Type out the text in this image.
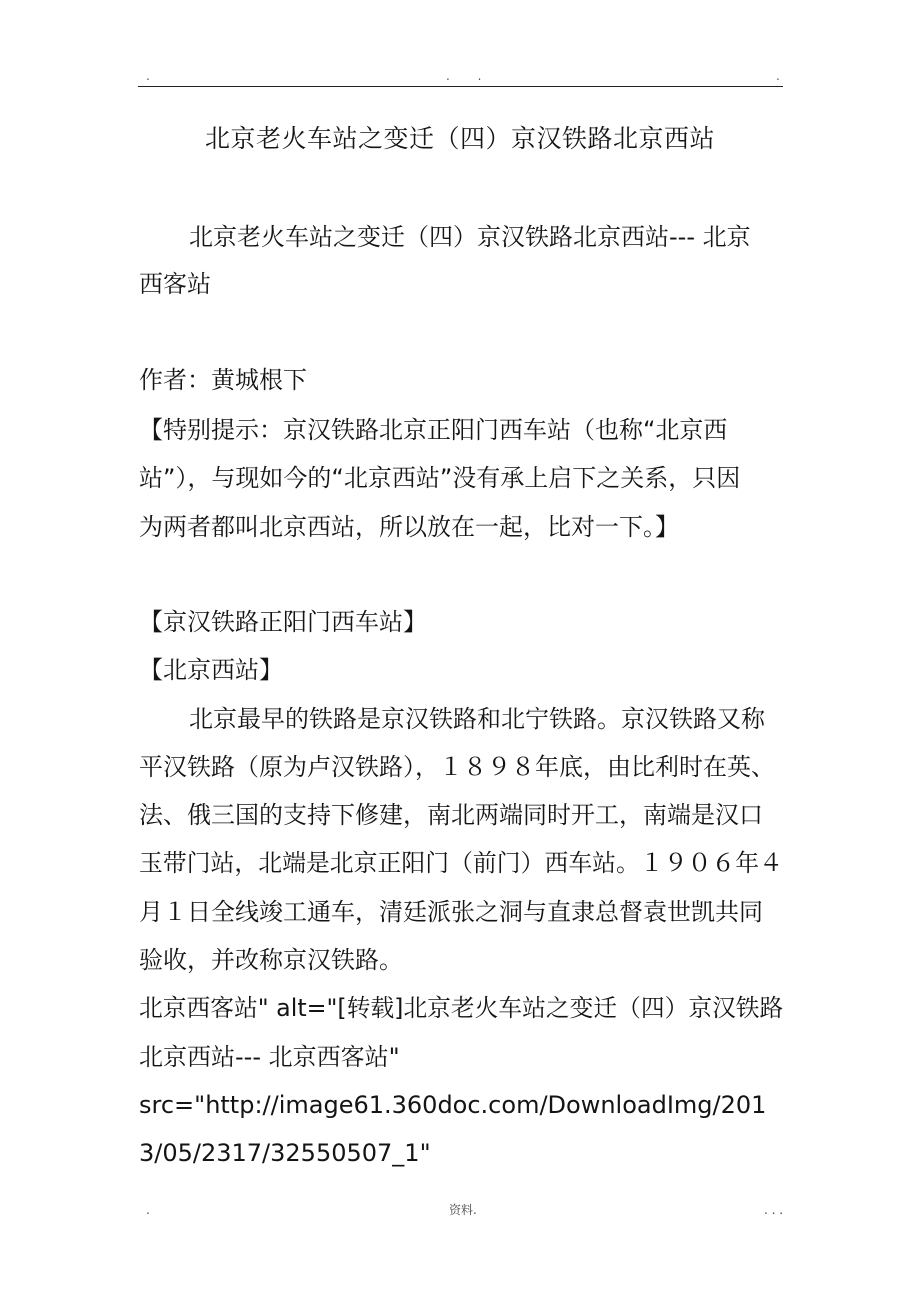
.	. .	.
北京老火车站之变迁（四）京汉铁路北京西站
北京老火车站之变迁（四）京汉铁路北京西站--- 北京
西客站
作者：黄城根下
【特别提示：京汉铁路北京正阳门西车站（也称“北京西
站”），与现如今的“北京西站”没有承上启下之关系，只因
为两者都叫北京西站，所以放在一起，比对一下。】
【京汉铁路正阳门西车站】
【北京西站】
北京最早的铁路是京汉铁路和北宁铁路。京汉铁路又称
平汉铁路（原为卢汉铁路），１８９８年底，由比利时在英、
法、俄三国的支持下修建，南北两端同时开工，南端是汉口
玉带门站，北端是北京正阳门（前门）西车站。１９０６年４
月１日全线竣工通车，清廷派张之洞与直隶总督袁世凯共同
验收，并改称京汉铁路。
北京西客站" alt="[转载]北京老火车站之变迁（四）京汉铁路
北京西站--- 北京西客站"
src="http://image61.360doc.com/DownloadImg/201
3/05/2317/32550507_1"
.	资料.	. . .
